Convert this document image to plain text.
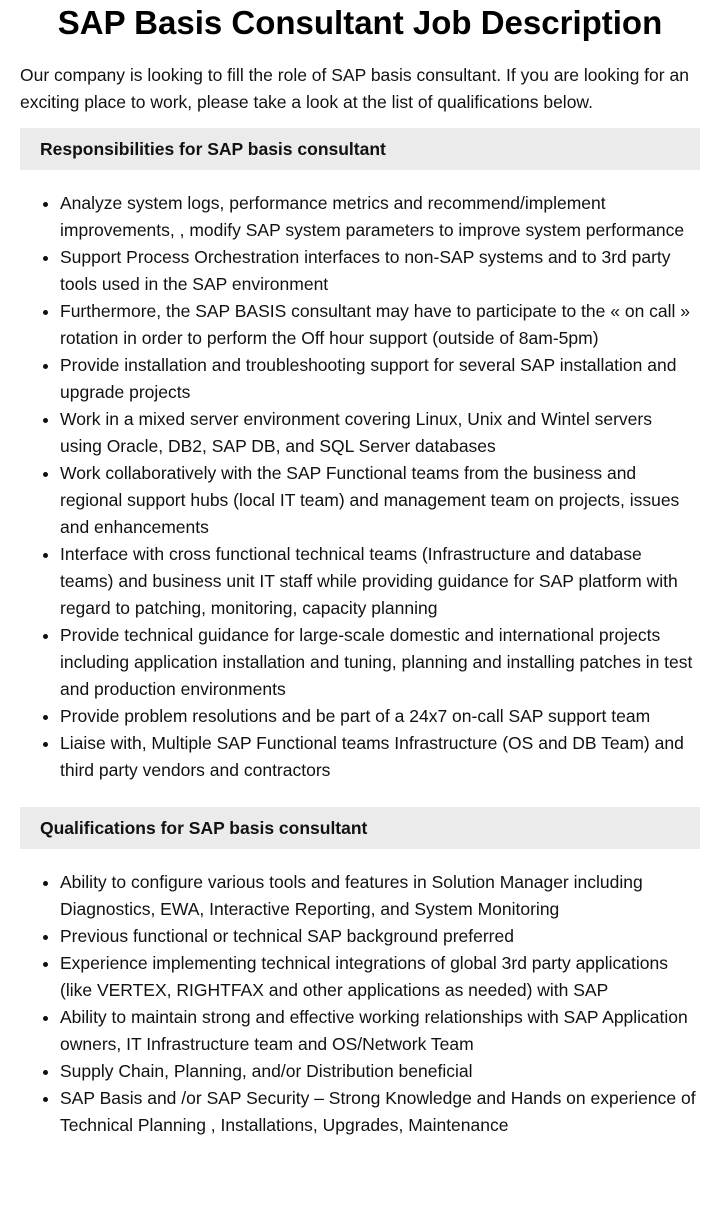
SAP Basis Consultant Job Description

Our company is looking to fill the role of SAP basis consultant. If you are looking for an exciting place to work, please take a look at the list of qualifications below.

Responsibilities for SAP basis consultant
• Analyze system logs, performance metrics and recommend/implement improvements, , modify SAP system parameters to improve system performance
• Support Process Orchestration interfaces to non-SAP systems and to 3rd party tools used in the SAP environment
• Furthermore, the SAP BASIS consultant may have to participate to the « on call » rotation in order to perform the Off hour support (outside of 8am-5pm)
• Provide installation and troubleshooting support for several SAP installation and upgrade projects
• Work in a mixed server environment covering Linux, Unix and Wintel servers using Oracle, DB2, SAP DB, and SQL Server databases
• Work collaboratively with the SAP Functional teams from the business and regional support hubs (local IT team) and management team on projects, issues and enhancements
• Interface with cross functional technical teams (Infrastructure and database teams) and business unit IT staff while providing guidance for SAP platform with regard to patching, monitoring, capacity planning
• Provide technical guidance for large-scale domestic and international projects including application installation and tuning, planning and installing patches in test and production environments
• Provide problem resolutions and be part of a 24x7 on-call SAP support team
• Liaise with, Multiple SAP Functional teams Infrastructure (OS and DB Team) and third party vendors and contractors
Qualifications for SAP basis consultant
• Ability to configure various tools and features in Solution Manager including Diagnostics, EWA, Interactive Reporting, and System Monitoring
• Previous functional or technical SAP background preferred
• Experience implementing technical integrations of global 3rd party applications (like VERTEX, RIGHTFAX and other applications as needed) with SAP
• Ability to maintain strong and effective working relationships with SAP Application owners, IT Infrastructure team and OS/Network Team
• Supply Chain, Planning, and/or Distribution beneficial
• SAP Basis and /or SAP Security – Strong Knowledge and Hands on experience of Technical Planning , Installations, Upgrades, Maintenance
